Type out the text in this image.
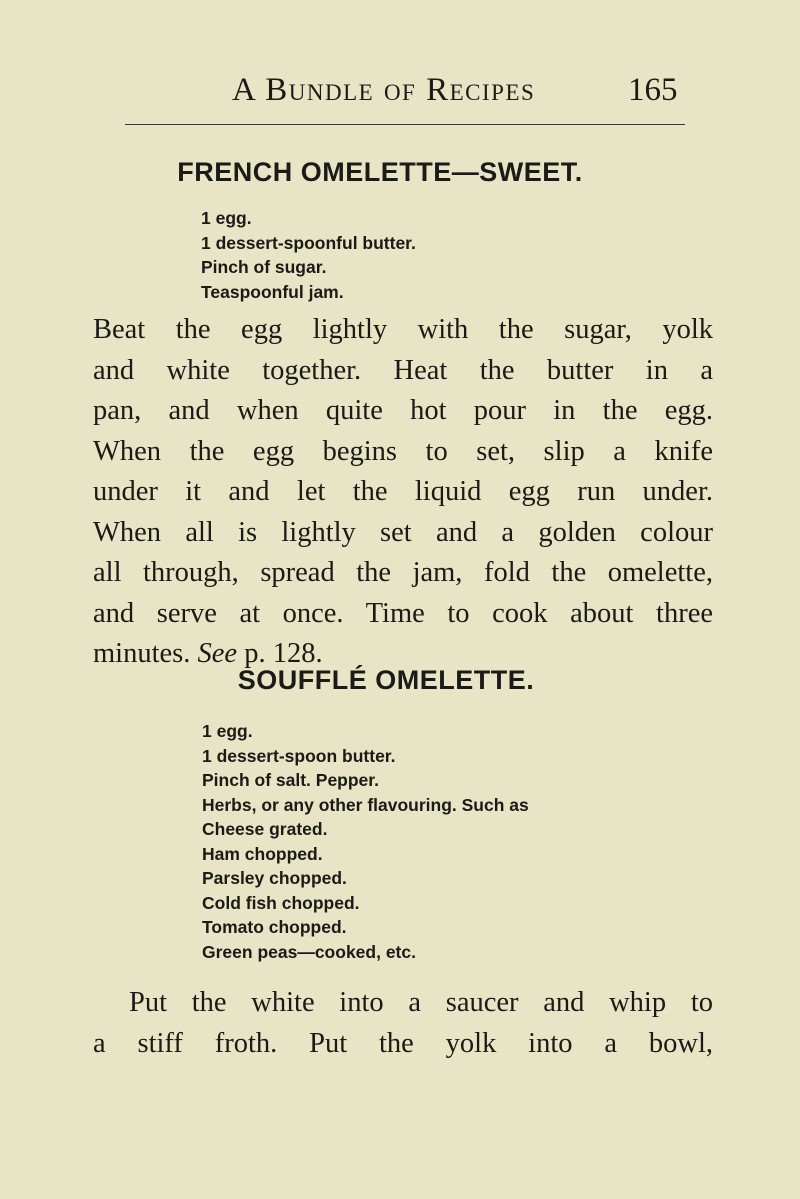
A Bundle of Recipes	165
FRENCH OMELETTE—SWEET.
1 egg.
1 dessert-spoonful butter.
Pinch of sugar.
Teaspoonful jam.
Beat the egg lightly with the sugar, yolk
and white together. Heat the butter in a
pan, and when quite hot pour in the egg.
When the egg begins to set, slip a knife
under it and let the liquid egg run under.
When all is lightly set and a golden colour
all through, spread the jam, fold the omelette,
and serve at once. Time to cook about three
minutes. See p. 128.
SOUFFLÉ OMELETTE.
1 egg.
1 dessert-spoon butter.
Pinch of salt. Pepper.
Herbs, or any other flavouring. Such as
Cheese grated.
Ham chopped.
Parsley chopped.
Cold fish chopped.
Tomato chopped.
Green peas—cooked, etc.
Put the white into a saucer and whip to
a stiff froth. Put the yolk into a bowl,
